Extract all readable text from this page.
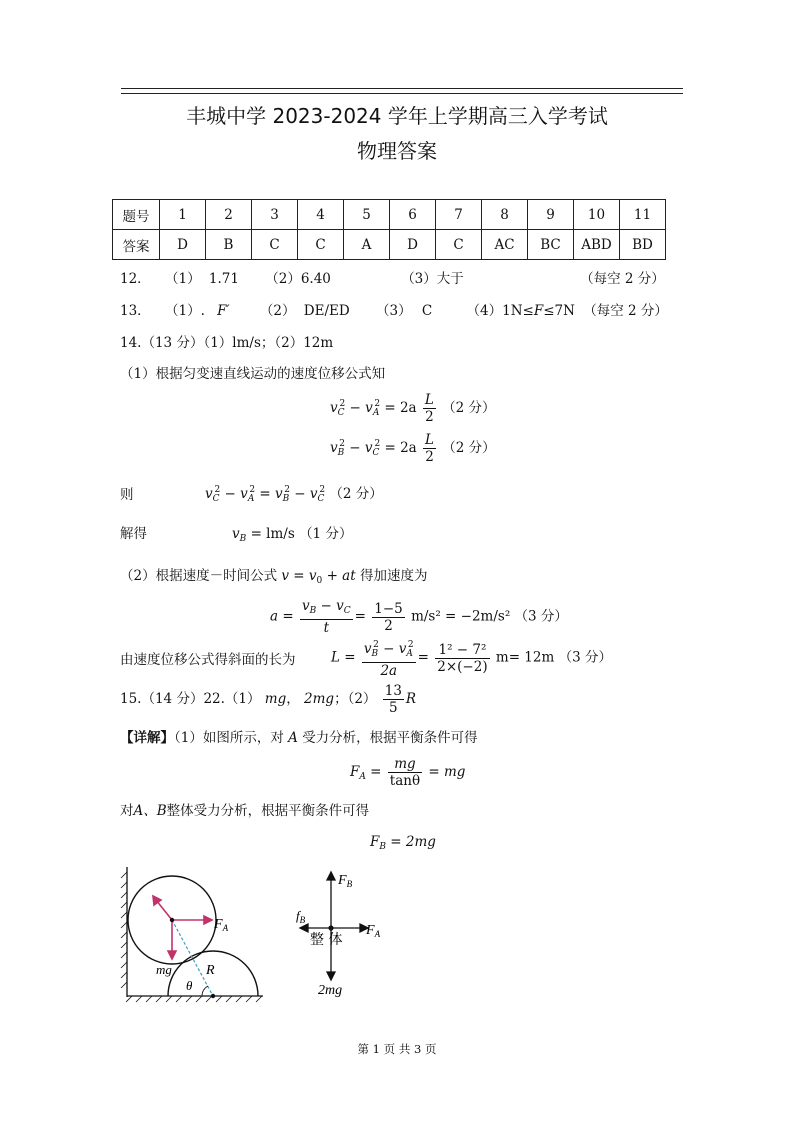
丰城中学 2023-2024 学年上学期高三入学考试
物理答案
题号	1	2	3	4	5	6	7	8	9	10	11
答案	D	B	C	C	A	D	C	AC	BC	ABD	BD
12． （1） 1.71 （2）6.40	（3）大于	（每空 2 分）
13． （1）. F′ （2） DE/ED （3） C	（4）1N≤F≤7N （每空 2 分）
14.（13 分）（1）lm/s；（2）12m
（1）根据匀变速直线运动的速度位移公式知
$v_C^2 - v_A^2 = 2a \frac{L}{2} (2$ 分）
$v_B^2 - v_C^2 = 2a \frac{L}{2} (2$ 分）
则	$v_C^2 - v_A^2 = v_B^2 - v_C^2$ （2 分）
解得	$v_B = lm/s$ （1 分）
（2）根据速度－时间公式 $v = v_0$ + at 得加速度为
$a = \frac{v_B - v_C}{t} = \frac{1-5}{2} m/s^2 = -2m/s^2$ （3 分）
由速度位移公式得斜面的长为	$L = \frac{v_B^2 - v_A^2}{2a} = \frac{\text{1² − 7²}}{2\times(-2)} m= 12m$ （3 分）
15.（14 分）22.（1） mg， 2mg；$(2) \frac{13}{5}$ R
【详解】（1）如图所示，对 A 受力分析，根据平衡条件可得
$F_A = \frac{mg}{\tan\theta}$ = mg
对A、B整体受力分析，根据平衡条件可得
$F_B = 2mg$
$F_A$
mg R
θ
$F_B$
$f_B$
$F_A$
整 体
2mg
第 1 页 共 3 页
